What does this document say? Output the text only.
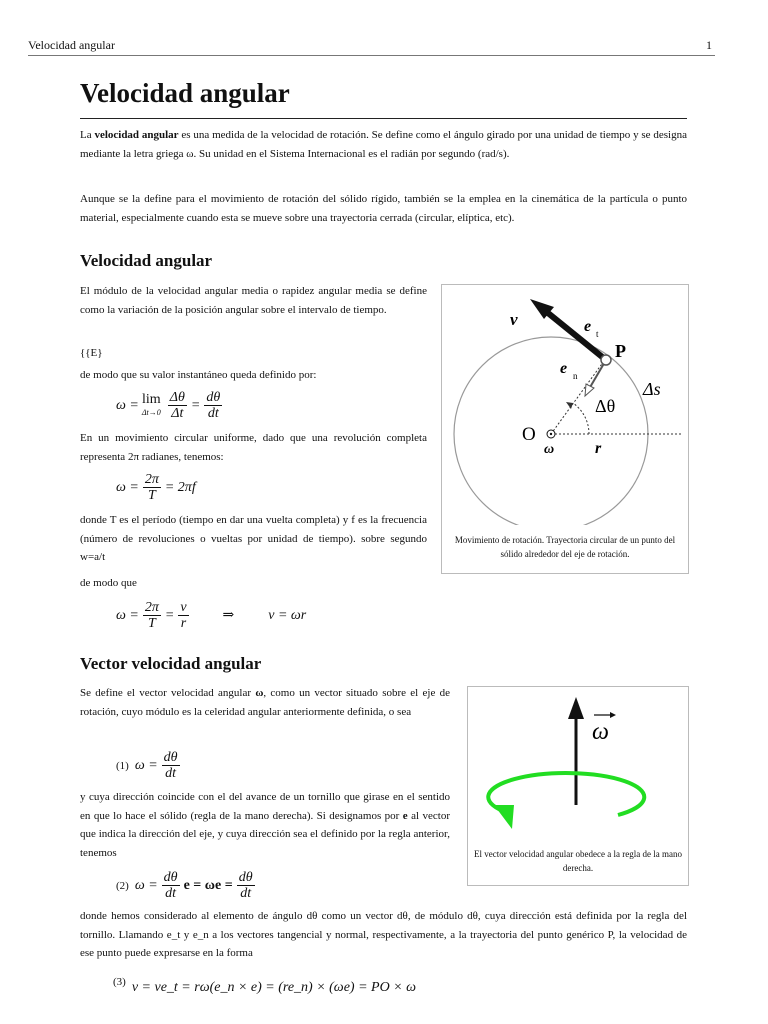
Velocidad angular	1
Velocidad angular
La velocidad angular es una medida de la velocidad de rotación. Se define como el ángulo girado por una unidad de tiempo y se designa mediante la letra griega ω. Su unidad en el Sistema Internacional es el radián por segundo (rad/s).
Aunque se la define para el movimiento de rotación del sólido rígido, también se la emplea en la cinemática de la partícula o punto material, especialmente cuando esta se mueve sobre una trayectoria cerrada (circular, elíptica, etc).
Velocidad angular
El módulo de la velocidad angular media o rapidez angular media se define como la variación de la posición angular sobre el intervalo de tiempo.
{{E}
de modo que su valor instantáneo queda definido por:
ω = lim
$\Delta t\to 0 \frac{\Delta\theta}{\Delta t} = \frac{d\theta}{dt}$
En un movimiento circular uniforme, dado que una revolución completa representa 2π radianes, tenemos:
$\omega = \frac{2\pi}{T} = 2\pi f$
donde T es el período (tiempo en dar una vuelta completa) y f es la frecuencia (número de revoluciones o vueltas por unidad de tiempo). sobre segundo w=a/t
de modo que
$\omega = \frac{2\pi}{T} = \frac{v}{r}$ ⇒ v = ωr
v	e t
P
e n
Δs
Δθ
O
ω	r
Movimiento de rotación. Trayectoria circular de un punto del sólido alrededor del eje de rotación.
Vector velocidad angular
Se define el vector velocidad angular ω, como un vector situado sobre el eje de rotación, cuyo módulo es la celeridad angular anteriormente definida, o sea
(1) $\omega = \frac{d\theta}{dt}$
y cuya dirección coincide con el del avance de un tornillo que girase en el sentido en que lo hace el sólido (regla de la mano derecha). Si designamos por e al vector que indica la dirección del eje, y cuya dirección sea el definido por la regla anterior, tenemos
(2) $\omega = \frac{d\theta}{dt}$ $e = \omega e = \frac{d\theta}{dt}$
donde hemos considerado al elemento de ángulo dθ como un vector dθ, de módulo dθ, cuya dirección está definida por la regla del tornillo. Llamando e_t y e_n a los vectores tangencial y normal, respectivamente, a la trayectoria del punto genérico P, la velocidad de ese punto puede expresarse en la forma
(3) v = ve_t = rω(e_n × e) = (re_n) × (ωe) = PO × ω
ω
El vector velocidad angular obedece a la regla de la mano derecha.
